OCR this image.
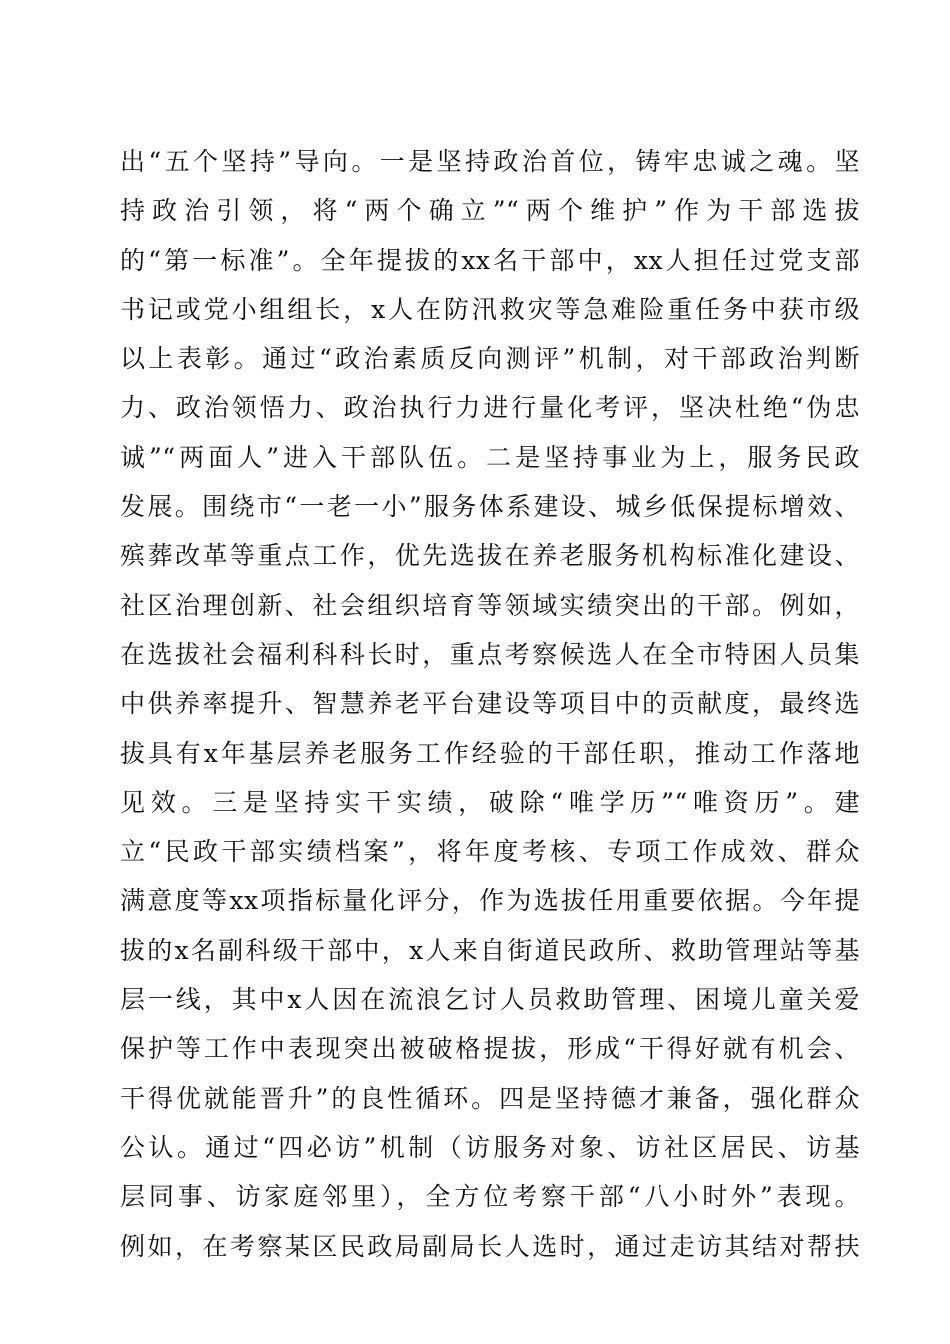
出“五个坚持”导向。一是坚持政治首位，铸牢忠诚之魂。坚
持政治引领，将“两个确立”“两个维护”作为干部选拔
的“第一标准”。全年提拔的xx名干部中，xx人担任过党支部
书记或党小组组长，x人在防汛救灾等急难险重任务中获市级
以上表彰。通过“政治素质反向测评”机制，对干部政治判断
力、政治领悟力、政治执行力进行量化考评，坚决杜绝“伪忠
诚”“两面人”进入干部队伍。二是坚持事业为上，服务民政
发展。围绕市“一老一小”服务体系建设、城乡低保提标增效、
殡葬改革等重点工作，优先选拔在养老服务机构标准化建设、
社区治理创新、社会组织培育等领域实绩突出的干部。例如，
在选拔社会福利科科长时，重点考察候选人在全市特困人员集
中供养率提升、智慧养老平台建设等项目中的贡献度，最终选
拔具有x年基层养老服务工作经验的干部任职，推动工作落地
见效。三是坚持实干实绩，破除“唯学历”“唯资历”。建
立“民政干部实绩档案”，将年度考核、专项工作成效、群众
满意度等xx项指标量化评分，作为选拔任用重要依据。今年提
拔的x名副科级干部中，x人来自街道民政所、救助管理站等基
层一线，其中x人因在流浪乞讨人员救助管理、困境儿童关爱
保护等工作中表现突出被破格提拔，形成“干得好就有机会、
干得优就能晋升”的良性循环。四是坚持德才兼备，强化群众
公认。通过“四必访”机制（访服务对象、访社区居民、访基
层同事、访家庭邻里），全方位考察干部“八小时外”表现。
例如，在考察某区民政局副局长人选时，通过走访其结对帮扶
